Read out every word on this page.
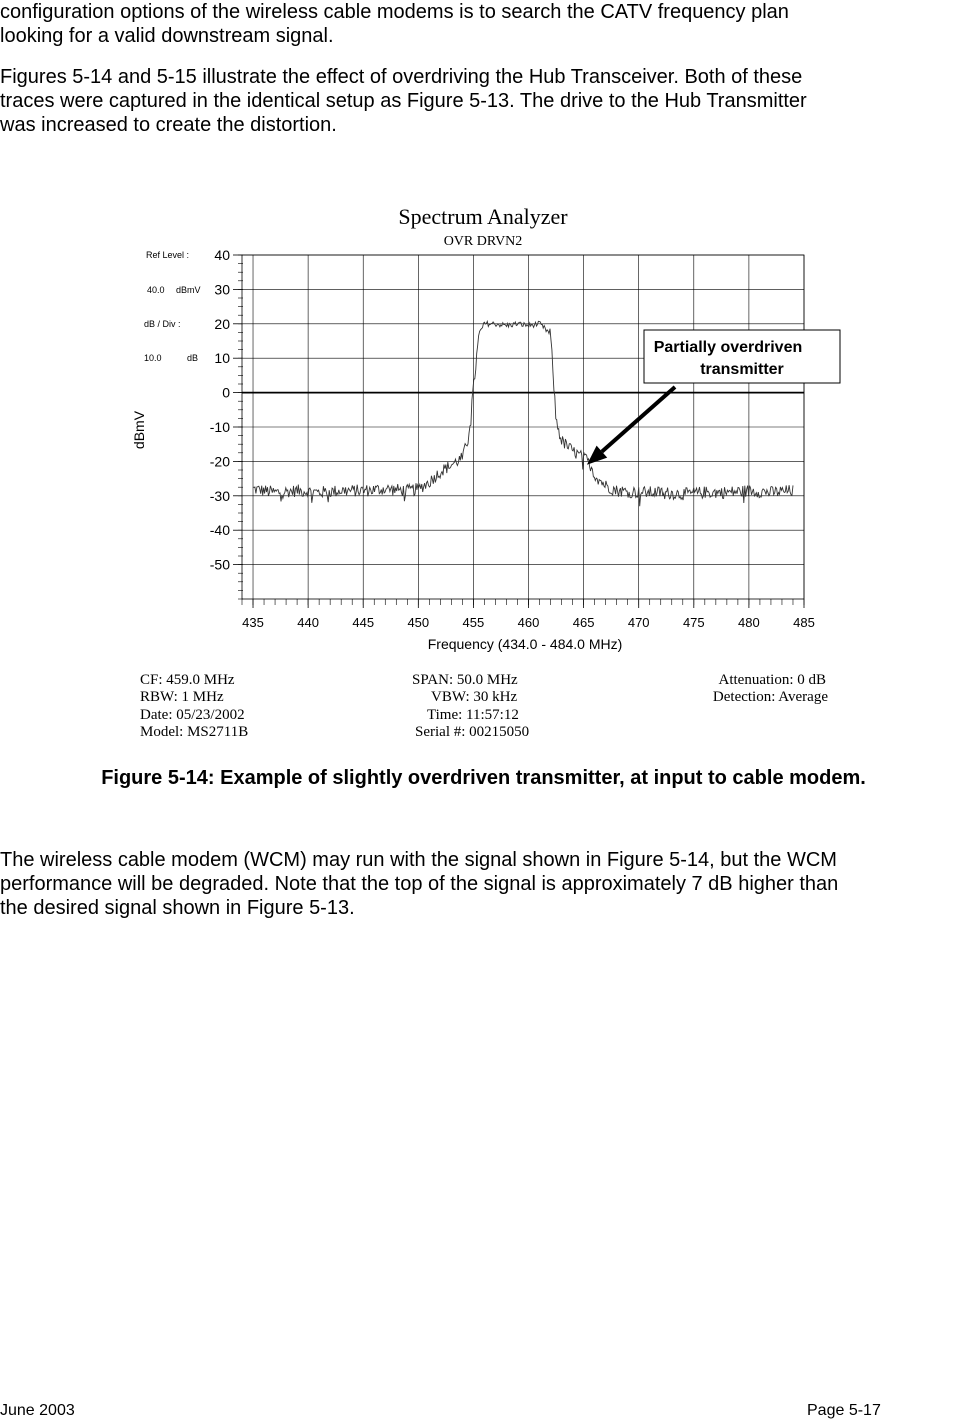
configuration options of the wireless cable modems is to search the CATV frequency plan
looking for a valid downstream signal.
Figures 5-14 and 5-15 illustrate the effect of overdriving the Hub Transceiver. Both of these
traces were captured in the identical setup as Figure 5-13. The drive to the Hub Transmitter
was increased to create the distortion.
40
30
20
10
0
-10
-20
-30
-40
-50
435	440	445	450	455	460	465	470	475	480	485
Spectrum Analyzer
OVR DRVN2
Ref Level :
40.0 dBmV
dB / Div :
10.0	dB
dBmV
Frequency (434.0 - 484.0 MHz)
Partially overdriven
transmitter
CF: 459.0 MHz	SPAN: 50.0 MHz	Attenuation: 0 dB
RBW: 1 MHz	VBW: 30 kHz	Detection: Average
Date: 05/23/2002	Time: 11:57:12
Model: MS2711B	Serial #: 00215050
Figure 5-14: Example of slightly overdriven transmitter, at input to cable modem.
The wireless cable modem (WCM) may run with the signal shown in Figure 5-14, but the WCM
performance will be degraded. Note that the top of the signal is approximately 7 dB higher than
the desired signal shown in Figure 5-13.
June 2003	Page 5-17
